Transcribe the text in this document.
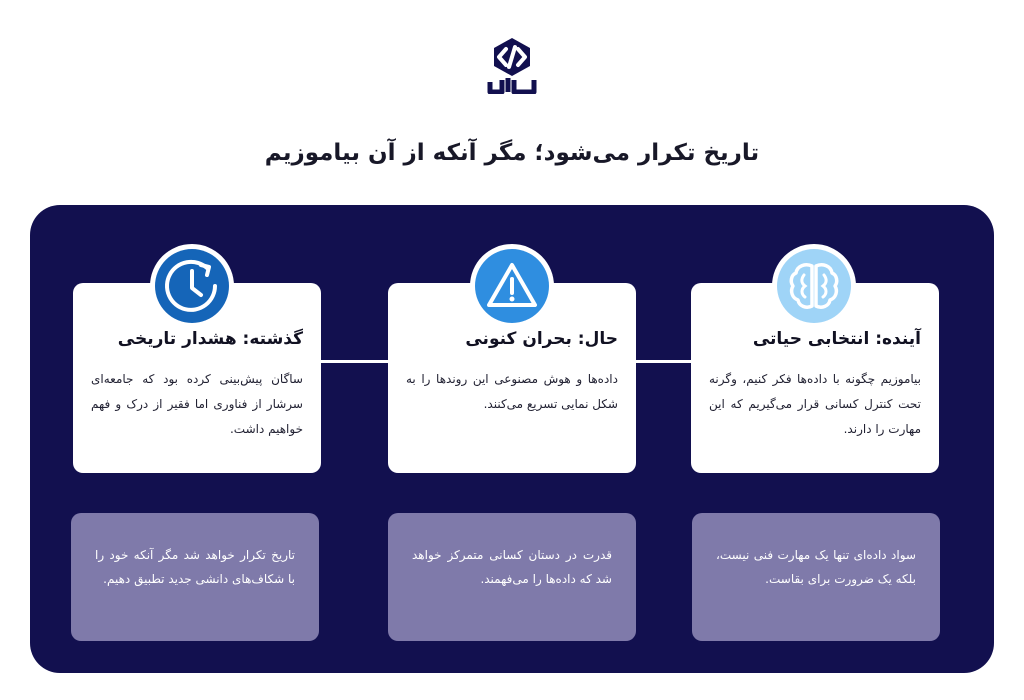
تاریخ تکرار می‌شود؛ مگر آنکه از آن بیاموزیم

گذشته: هشدار تاریخی

ساگان پیش‌بینی کرده بود که جامعه‌ای سرشار از فناوری اما فقیر از درک و فهم خواهیم داشت.

حال: بحران کنونی

داده‌ها و هوش مصنوعی این روندها را به شکل نمایی تسریع می‌کنند.

آینده: انتخابی حیاتی

بیاموزیم چگونه با داده‌ها فکر کنیم، وگرنه تحت کنترل کسانی قرار می‌گیریم که این مهارت را دارند.

تاریخ تکرار خواهد شد مگر آنکه خود را با شکاف‌های دانشی جدید تطبیق دهیم.

قدرت در دستان کسانی متمرکز خواهد شد که داده‌ها را می‌فهمند.

سواد داده‌ای تنها یک مهارت فنی نیست، بلکه یک ضرورت برای بقاست.
